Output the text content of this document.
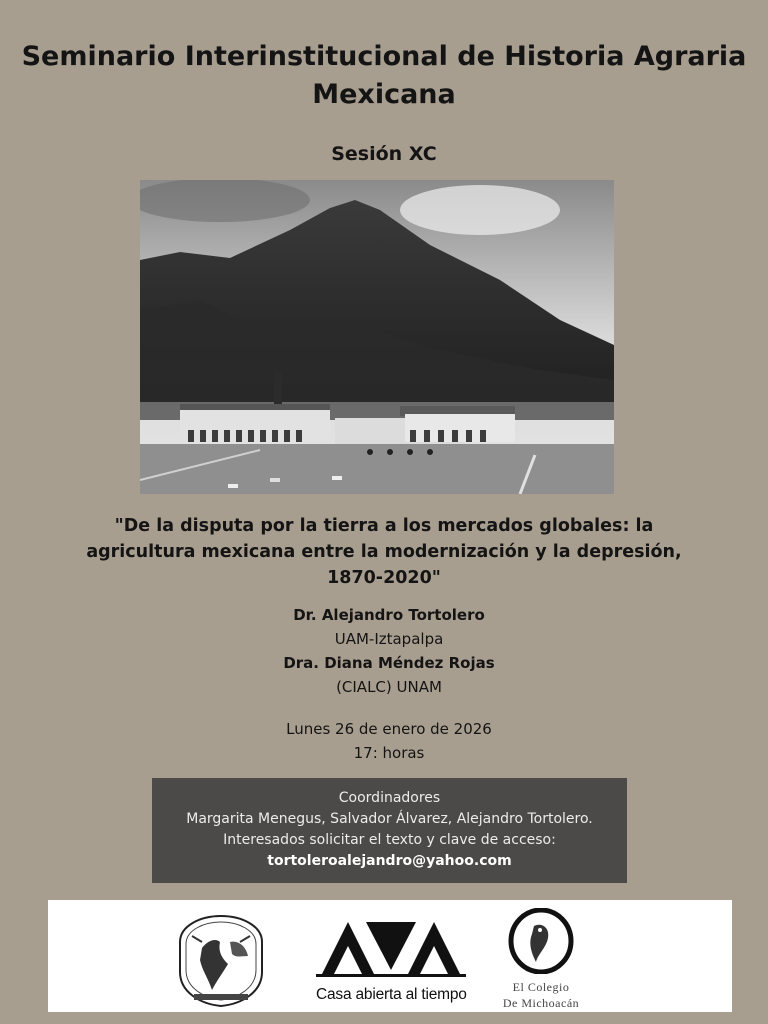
Seminario Interinstitucional de Historia Agraria Mexicana
Sesión XC
"De la disputa por la tierra a los mercados globales: la agricultura mexicana entre la modernización y la depresión, 1870-2020"
Dr. Alejandro Tortolero
UAM-Iztapalpa
Dra. Diana Méndez Rojas
(CIALC) UNAM
Lunes 26 de enero de 2026
17: horas
Coordinadores
Margarita Menegus, Salvador Álvarez, Alejandro Tortolero.
Interesados solicitar el texto y clave de acceso:
tortoleroalejandro@yahoo.com
Casa abierta al tiempo	El Colegio
De Michoacán
